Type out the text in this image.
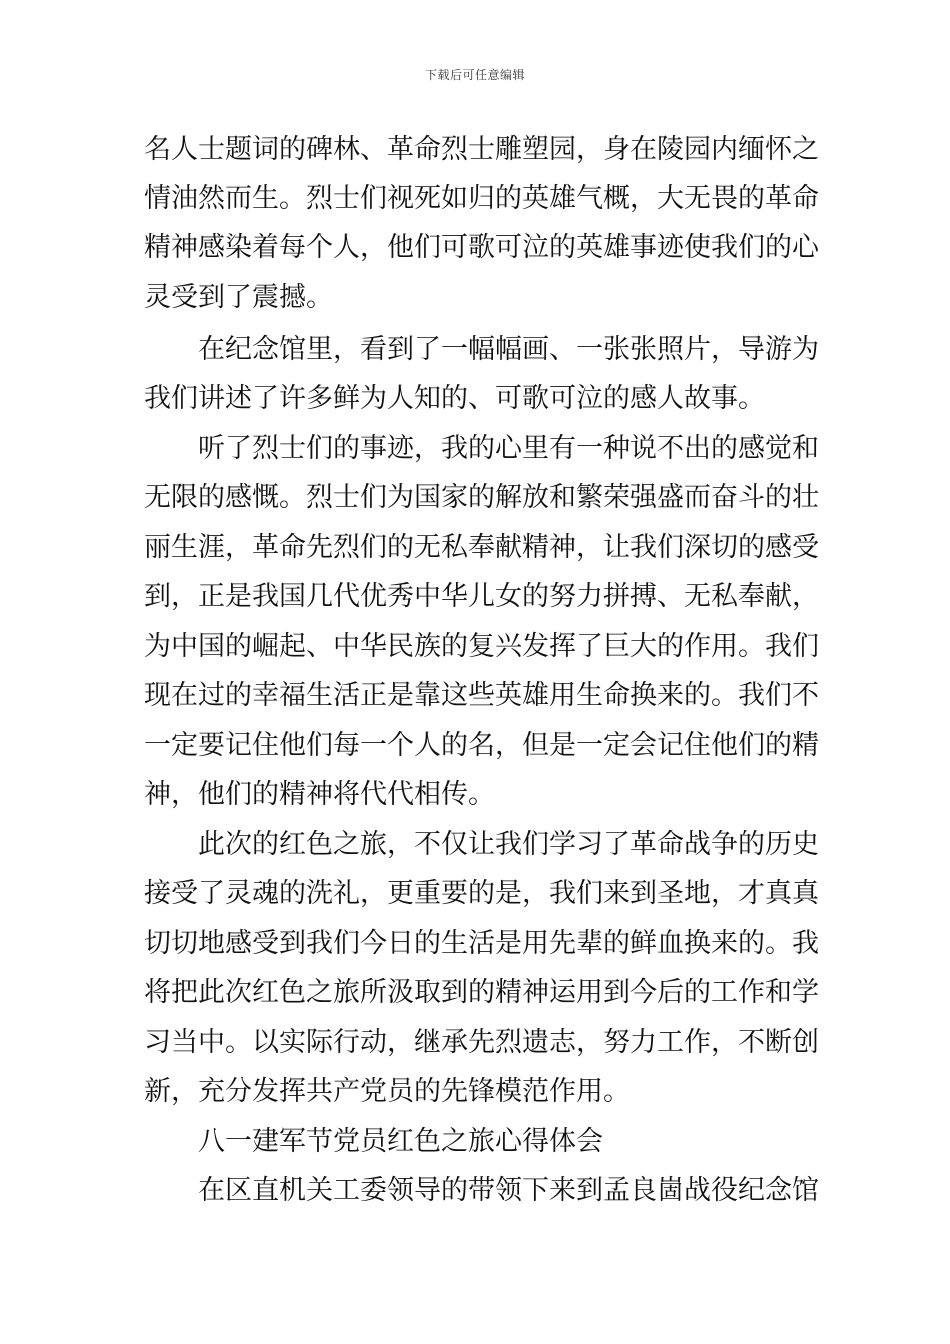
下载后可任意编辑
名人士题词的碑林、革命烈士雕塑园，身在陵园内缅怀之
情油然而生。烈士们视死如归的英雄气概，大无畏的革命
精神感染着每个人，他们可歌可泣的英雄事迹使我们的心
灵受到了震撼。
　　在纪念馆里，看到了一幅幅画、一张张照片，导游为
我们讲述了许多鲜为人知的、可歌可泣的感人故事。
　　听了烈士们的事迹，我的心里有一种说不出的感觉和
无限的感慨。烈士们为国家的解放和繁荣强盛而奋斗的壮
丽生涯，革命先烈们的无私奉献精神，让我们深切的感受
到，正是我国几代优秀中华儿女的努力拼搏、无私奉献，
为中国的崛起、中华民族的复兴发挥了巨大的作用。我们
现在过的幸福生活正是靠这些英雄用生命换来的。我们不
一定要记住他们每一个人的名，但是一定会记住他们的精
神，他们的精神将代代相传。
　　此次的红色之旅，不仅让我们学习了革命战争的历史
接受了灵魂的洗礼，更重要的是，我们来到圣地，才真真
切切地感受到我们今日的生活是用先辈的鲜血换来的。我
将把此次红色之旅所汲取到的精神运用到今后的工作和学
习当中。以实际行动，继承先烈遗志，努力工作，不断创
新，充分发挥共产党员的先锋模范作用。
　　八一建军节党员红色之旅心得体会
　　在区直机关工委领导的带领下来到孟良崮战役纪念馆
